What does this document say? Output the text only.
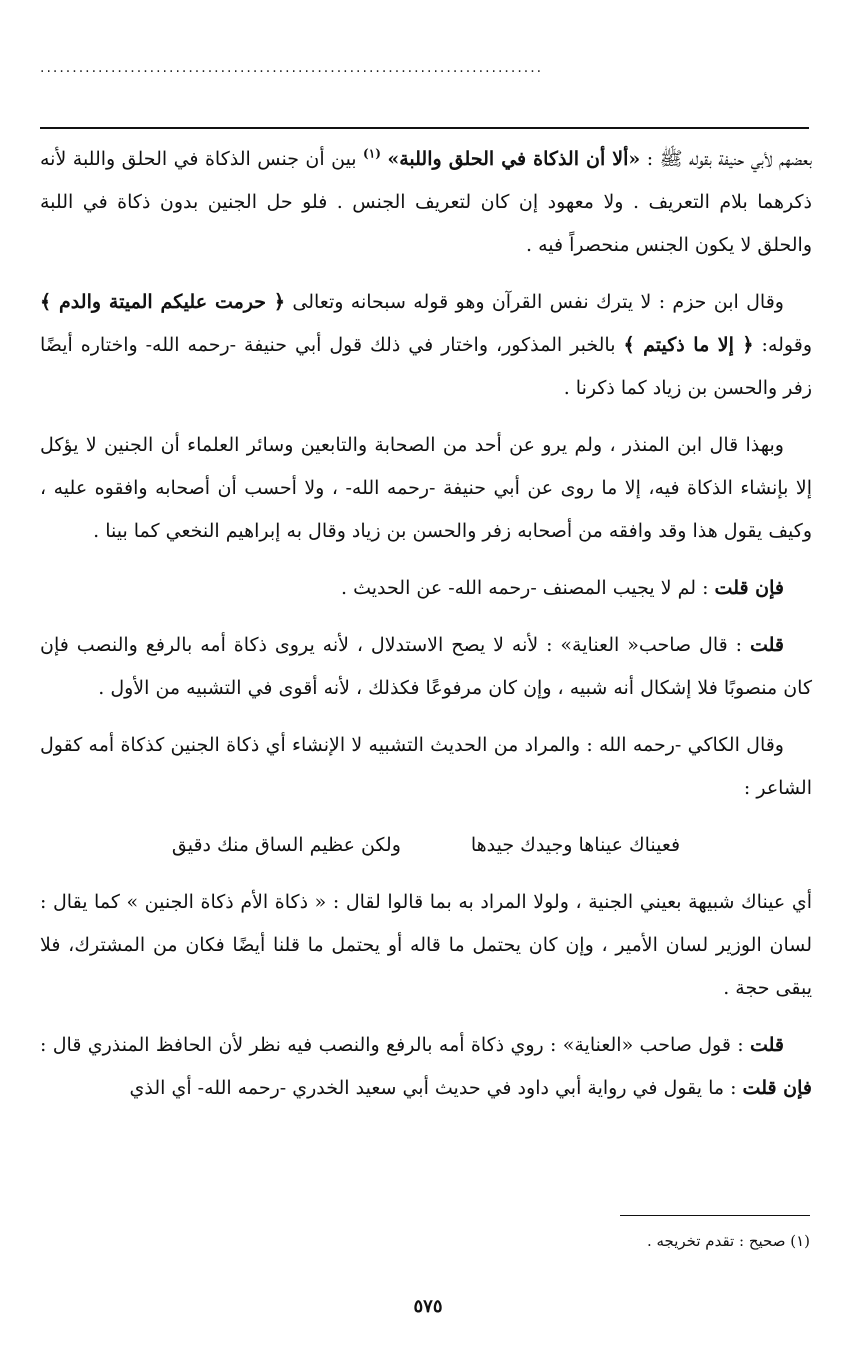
..............................................................................

بعضهم لأبي حنيفة بقوله ﷺ : «ألا أن الذكاة في الحلق واللبة» $^{(١)}$ بين أن جنس الذكاة في الحلق واللبة لأنه ذكرهما بلام التعريف . ولا معهود إن كان لتعريف الجنس . فلو حل الجنين بدون ذكاة في اللبة والحلق لا يكون الجنس منحصراً فيه .

وقال ابن حزم : لا يترك نفس القرآن وهو قوله سبحانه وتعالى ﴿ حرمت عليكم الميتة والدم ﴾ وقوله: ﴿ إلا ما ذكيتم ﴾ بالخبر المذكور، واختار في ذلك قول أبي حنيفة -رحمه الله- واختاره أيضًا زفر والحسن بن زياد كما ذكرنا .

وبهذا قال ابن المنذر ، ولم يرو عن أحد من الصحابة والتابعين وسائر العلماء أن الجنين لا يؤكل إلا بإنشاء الذكاة فيه، إلا ما روى عن أبي حنيفة -رحمه الله- ، ولا أحسب أن أصحابه وافقوه عليه ، وكيف يقول هذا وقد وافقه من أصحابه زفر والحسن بن زياد وقال به إبراهيم النخعي كما بينا .

فإن قلت : لم لا يجيب المصنف -رحمه الله- عن الحديث .

قلت : قال صاحب« العناية» : لأنه لا يصح الاستدلال ، لأنه يروى ذكاة أمه بالرفع والنصب فإن كان منصوبًا فلا إشكال أنه شبيه ، وإن كان مرفوعًا فكذلك ، لأنه أقوى في التشبيه من الأول .

وقال الكاكي -رحمه الله : والمراد من الحديث التشبيه لا الإنشاء أي ذكاة الجنين كذكاة أمه كقول الشاعر :

فعيناك عيناها وجيدك جيدها
ولكن عظيم الساق منك دقيق

أي عيناك شبيهة بعيني الجنية ، ولولا المراد به بما قالوا لقال : « ذكاة الأم ذكاة الجنين » كما يقال : لسان الوزير لسان الأمير ، وإن كان يحتمل ما قاله أو يحتمل ما قلنا أيضًا فكان من المشترك، فلا يبقى حجة .

قلت : قول صاحب «العناية» : روي ذكاة أمه بالرفع والنصب فيه نظر لأن الحافظ المنذري قال : فإن قلت : ما يقول في رواية أبي داود في حديث أبي سعيد الخدري -رحمه الله- أي الذي

(١) صحيح : تقدم تخريجه .
٥٧٥
